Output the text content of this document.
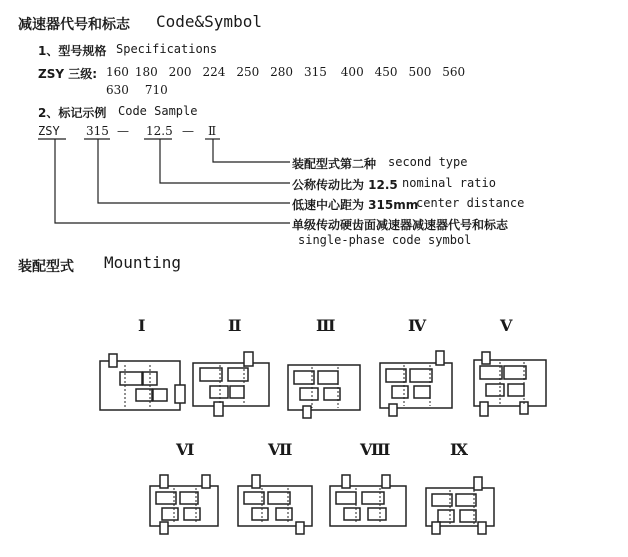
减速器代号和标志 Code&Symbol
1、型号规格 Specifications
ZSY 三级: 160 180 200 224 250 280 315 400 450 500 560
630 710
2、标记示例 Code Sample
ZSY 315 — 12.5 — Ⅱ
装配型式第二种 second type
公称传动比为 12.5 nominal ratio
低速中心距为 315mm
center distance
单级传动硬齿面减速器减速器代号和标志
single-phase code symbol
装配型式 Mounting
Ⅰ	Ⅱ	Ⅲ	Ⅳ	Ⅴ
Ⅵ	Ⅶ	Ⅷ	Ⅸ
